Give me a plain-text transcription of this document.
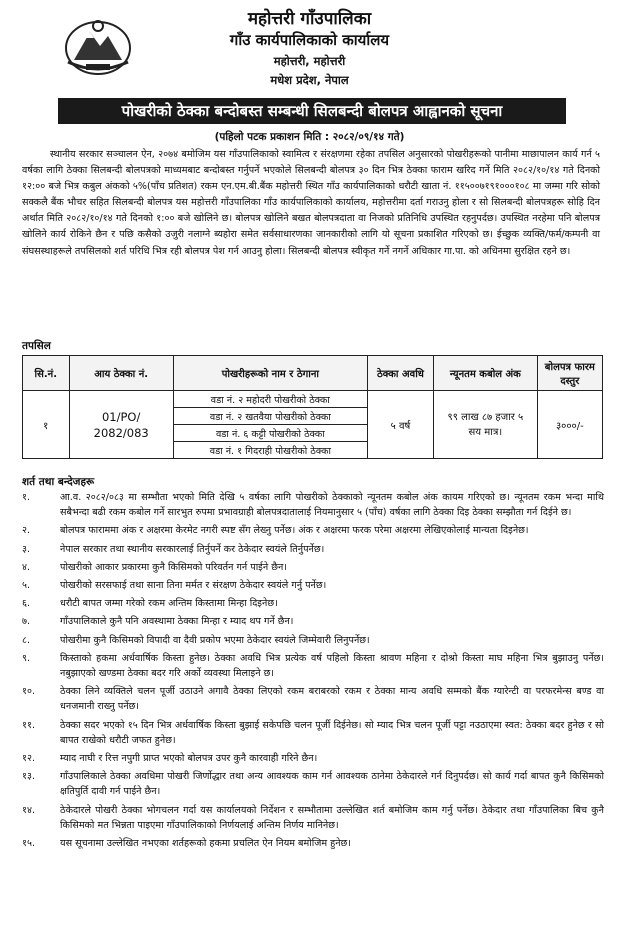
महोत्तरी गाँउपालिका
गाँउ कार्यपालिकाको कार्यालय
महोत्तरी, महोत्तरी
मधेश प्रदेश, नेपाल
पोखरीको ठेक्का बन्दोबस्त सम्बन्धी सिलबन्दी बोलपत्र आह्वानको सूचना
(पहिलो पटक प्रकाशन मिति : २०८२/०९/१४ गते)
स्थानीय सरकार सञ्चालन ऐन, २०७४ बमोजिम यस गाँउपालिकाको स्वामित्व र संरक्षणमा रहेका तपसिल अनुसारको पोखरीहरूको पानीमा माछापालन कार्य गर्न ५ वर्षका लागि ठेक्का सिलबन्दी बोलपत्रको माध्यमबाट बन्दोबस्त गर्नुपर्ने भएकोले सिलबन्दी बोलपत्र ३० दिन भित्र ठेक्का फाराम खरिद गर्ने मिति २०८२/१०/१४ गते दिनको १२:०० बजे भित्र कबुल अंकको ५%(पाँच प्रतिशत) रकम एन.एम.बी.बैंक महोत्तरी स्थित गाँउ कार्यपालिकाको धरौटी खाता नं. ११५००७१९१०००१०८ मा जम्मा गरि सोको सक्कलै बैंक भौचर सहित सिलबन्दी बोलपत्र यस महोत्तरी गाँउपालिका गाँउ कार्यपालिकाको कार्यालय, महोत्तरीमा दर्ता गराउनु होला र सो सिलबन्दी बोलपत्रहरू सोहि दिन अर्थात मिति २०८२/१०/१४ गते दिनको १:०० बजे खोलिने छ। बोलपत्र खोलिने बखत बोलपत्रदाता वा निजको प्रतिनिधि उपस्थित रहनुपर्दछ। उपस्थित नरहेमा पनि बोलपत्र खोलिने कार्य रोकिने छैन र पछि कसैको उजुरी नलाग्ने ब्यहोरा समेत सर्वसाधारणका जानकारीको लागि यो सूचना प्रकाशित गरिएको छ। ईच्छुक व्यक्ति/फर्म/कम्पनी वा संघसस्थाहरूले तपसिलको शर्त परिधि भित्र रही बोलपत्र पेश गर्न आउनु होला। सिलबन्दी बोलपत्र स्वीकृत गर्ने नगर्ने अधिकार गा.पा. को अधिनमा सुरक्षित रहने छ।
तपसिल
सि.नं.	आय ठेक्का नं.	पोखरीहरूको नाम र ठेगाना	ठेक्का अवधि	न्यूनतम कबोल अंक	बोलपत्र फारम दस्तुर
१	01/PO/ 2082/083	वडा नं. २ महोदरी पोखरीको ठेक्का	५ वर्ष	९९ लाख ८७ हजार ५ सय मात्र।	३०००/-
		वडा नं. २ खतवैया पोखरीको ठेक्का			
		वडा नं. ६ कट्टी पोखरीको ठेक्का			
		वडा नं. १ गिदराही पोखरीको ठेक्का			
शर्त तथा बन्देजहरू
१.	आ.व. २०८२/०८३ मा सम्भौता भएको मिति देखि ५ वर्षका लागि पोखरीको ठेक्काको न्यूनतम कबोल अंक कायम गरिएको छ। न्यूनतम रकम भन्दा माथि सबैभन्दा बढी रकम कबोल गर्ने सारभुत रुपमा प्रभावग्राही बोलपत्रदातालाई नियमानुसार ५ (पाँच) वर्षका लागि ठेक्का दिइ ठेक्का सम्झौता गर्न दिईने छ।
२.	बोलपत्र फाराममा अंक र अक्षरमा केरमेट नगरी स्पष्ट सँग लेख्नु पर्नेछ। अंक र अक्षरमा फरक परेमा अक्षरमा लेखिएकोलाई मान्यता दिइनेछ।
३.	नेपाल सरकार तथा स्थानीय सरकारलाई तिर्नुपर्ने कर ठेकेदार स्वयंले तिर्नुपर्नेछ।
४.	पोखरीको आकार प्रकारमा कुनै किसिमको परिवर्तन गर्न पाईने छैन।
५.	पोखरीको सरसफाई तथा साना तिना मर्मत र संरक्षण ठेकेदार स्वयंले गर्नु पर्नेछ।
६.	धरौटी बापत जम्मा गरेको रकम अन्तिम किस्तामा मिन्हा दिइनेछ।
७.	गाँउपालिकाले कुनै पनि अवस्थामा ठेक्का मिन्हा र म्याद थप गर्ने छैन।
८.	पोखरीमा कुनै किसिमको विपादी वा दैवी प्रकोप भएमा ठेकेदार स्वयंले जिम्मेवारी लिनुपर्नेछ।
९.	किस्ताको हकमा अर्धवार्षिक किस्ता हुनेछ। ठेक्का अवधि भित्र प्रत्येक वर्ष पहिलो किस्ता श्रावण महिना र दोश्रो किस्ता माघ महिना भित्र बुझाउनु पर्नेछ। नबुझाएको खण्डमा ठेक्का बदर गरि अर्को व्यवस्था मिलाइने छ।
१०.	ठेक्का लिने व्यक्तिले चलन पूर्जी उठाउने अगावै ठेक्का लिएको रकम बराबरको रकम र ठेक्का मान्य अवधि सम्मको बैंक ग्यारेन्टी वा परफरमेन्स बण्ड वा धनजमानी राख्नु पर्नेछ।
११.	ठेक्का सदर भएको १५ दिन भित्र अर्धवार्षिक किस्ता बुझाई सकेपछि चलन पूर्जी दिईनेछ। सो म्याद भित्र चलन पूर्जी पट्टा नउठाएमा स्वत: ठेक्का बदर हुनेछ र सो बापत राखेको धरौटी जफत हुनेछ।
१२.	म्याद नाघी र रित्त नपुगी प्राप्त भएको बोलपत्र उपर कुनै कारवाही गरिने छैन।
१३.	गाँउपालिकाले ठेक्का अवधिमा पोखरी जिर्णोद्धार तथा अन्य आवश्यक काम गर्न आवश्यक ठानेमा ठेकेदारले गर्न दिनुपर्दछ। सो कार्य गर्दा बापत कुनै किसिमको क्षतिपुर्ति दावी गर्न पाईने छैन।
१४.	ठेकेदारले पोखरी ठेक्का भोगचलन गर्दा यस कार्यालयको निर्देशन र सम्भौतामा उल्लेखित शर्त बमोजिम काम गर्नु पर्नेछ। ठेकेदार तथा गाँउपालिका बिच कुनै किसिमको मत भिन्नता पाइएमा गाँउपालिकाको निर्णयलाई अन्तिम निर्णय मानिनेछ।
१५.	यस सूचनामा उल्लेखित नभएका शर्तहरूको हकमा प्रचलित ऐन नियम बमोजिम हुनेछ।
